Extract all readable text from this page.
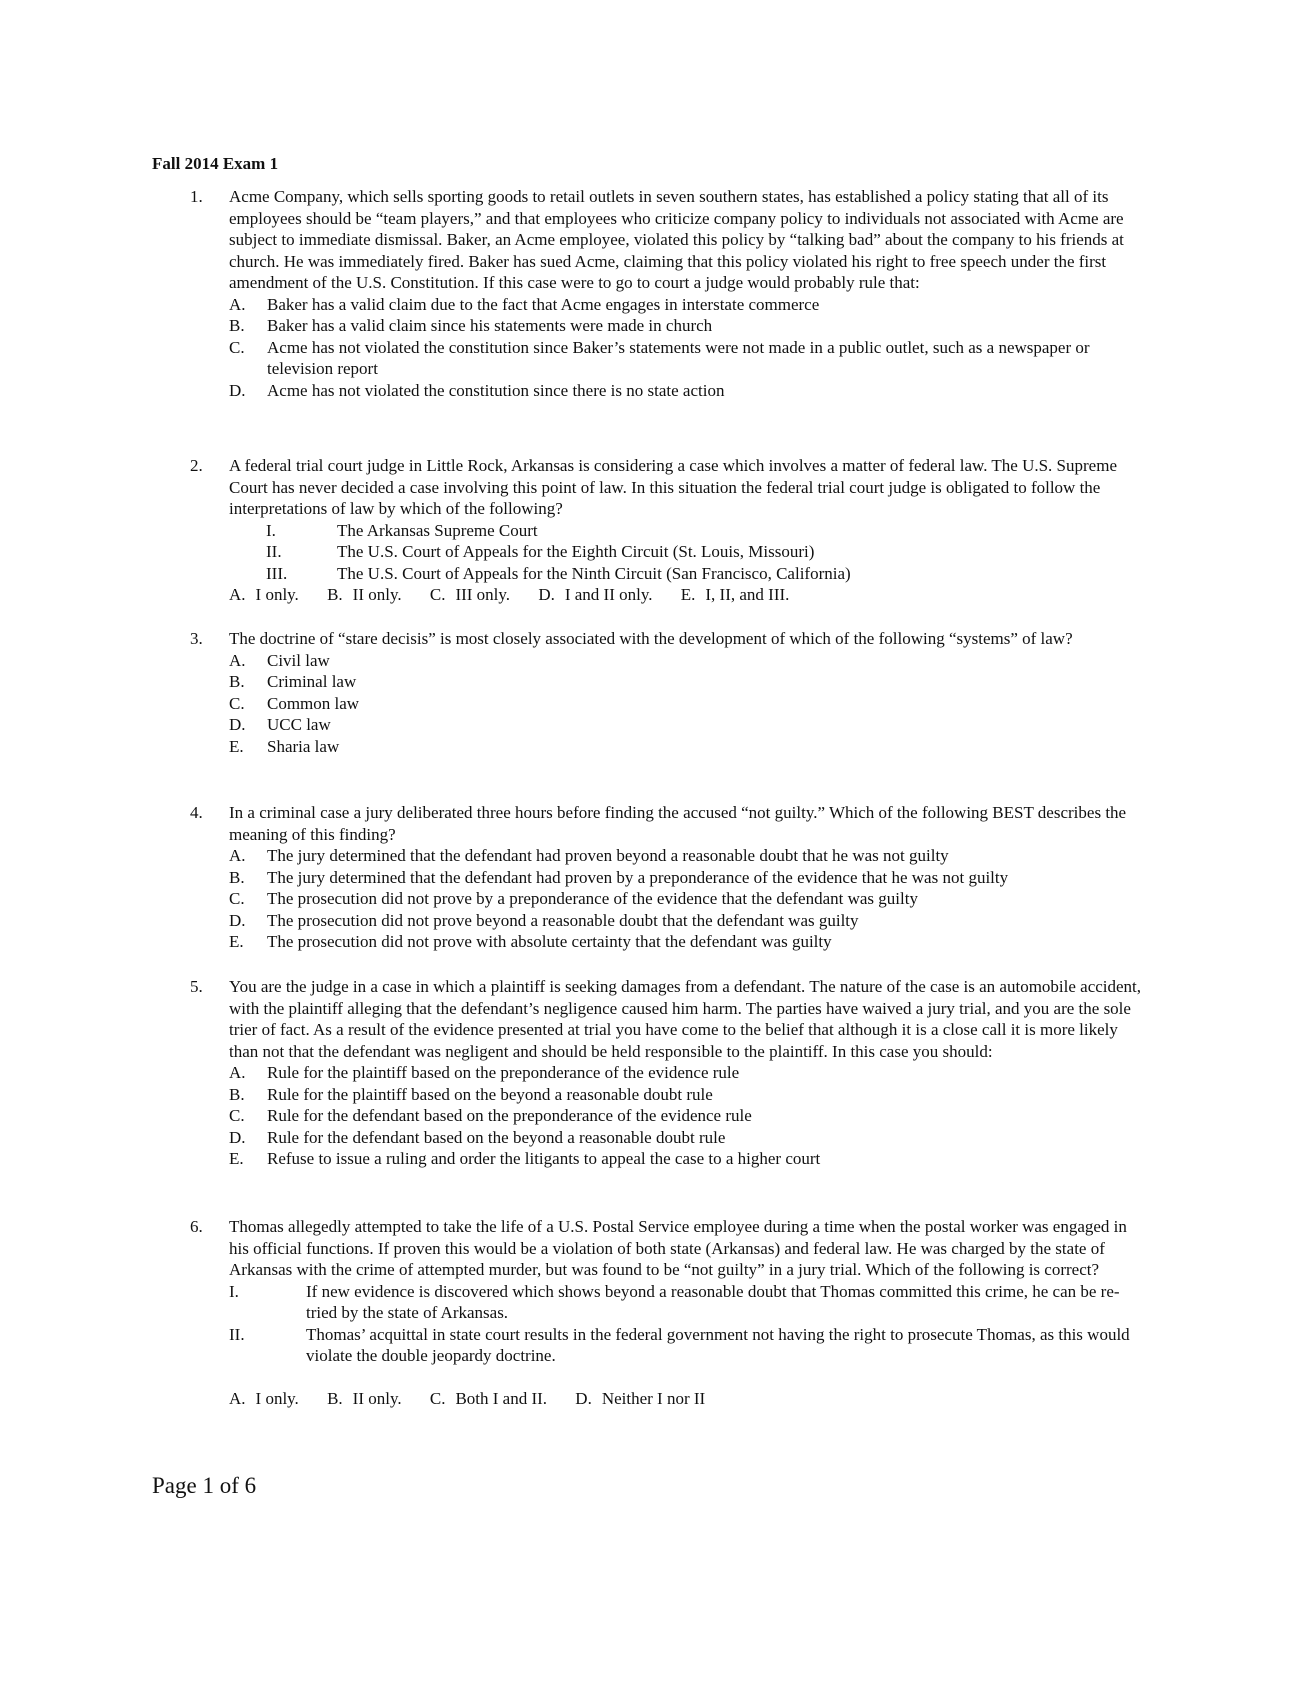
Fall 2014 Exam 1
1.	Acme Company, which sells sporting goods to retail outlets in seven southern states, has established a policy stating that all of its employees should be “team players,” and that employees who criticize company policy to individuals not associated with Acme are subject to immediate dismissal. Baker, an Acme employee, violated this policy by “talking bad” about the company to his friends at church. He was immediately fired. Baker has sued Acme, claiming that this policy violated his right to free speech under the first amendment of the U.S. Constitution. If this case were to go to court a judge would probably rule that:
A. Baker has a valid claim due to the fact that Acme engages in interstate commerce
B. Baker has a valid claim since his statements were made in church
C. Acme has not violated the constitution since Baker’s statements were not made in a public outlet, such as a newspaper or television report
D. Acme has not violated the constitution since there is no state action
2.	A federal trial court judge in Little Rock, Arkansas is considering a case which involves a matter of federal law. The U.S. Supreme Court has never decided a case involving this point of law. In this situation the federal trial court judge is obligated to follow the interpretations of law by which of the following?
I.	The Arkansas Supreme Court
II.	The U.S. Court of Appeals for the Eighth Circuit (St. Louis, Missouri)
III.	The U.S. Court of Appeals for the Ninth Circuit (San Francisco, California)
A. I only. B. II only. C. III only. D. I and II only. E. I, II, and III.
3.	The doctrine of “stare decisis” is most closely associated with the development of which of the following “systems” of law?
A. Civil law
B. Criminal law
C. Common law
D. UCC law
E. Sharia law
4.	In a criminal case a jury deliberated three hours before finding the accused “not guilty.” Which of the following BEST describes the meaning of this finding?
A. The jury determined that the defendant had proven beyond a reasonable doubt that he was not guilty
B. The jury determined that the defendant had proven by a preponderance of the evidence that he was not guilty
C. The prosecution did not prove by a preponderance of the evidence that the defendant was guilty
D. The prosecution did not prove beyond a reasonable doubt that the defendant was guilty
E. The prosecution did not prove with absolute certainty that the defendant was guilty
5.	You are the judge in a case in which a plaintiff is seeking damages from a defendant. The nature of the case is an automobile accident, with the plaintiff alleging that the defendant’s negligence caused him harm. The parties have waived a jury trial, and you are the sole trier of fact. As a result of the evidence presented at trial you have come to the belief that although it is a close call it is more likely than not that the defendant was negligent and should be held responsible to the plaintiff. In this case you should:
A. Rule for the plaintiff based on the preponderance of the evidence rule
B. Rule for the plaintiff based on the beyond a reasonable doubt rule
C. Rule for the defendant based on the preponderance of the evidence rule
D. Rule for the defendant based on the beyond a reasonable doubt rule
E. Refuse to issue a ruling and order the litigants to appeal the case to a higher court
6.	Thomas allegedly attempted to take the life of a U.S. Postal Service employee during a time when the postal worker was engaged in his official functions. If proven this would be a violation of both state (Arkansas) and federal law. He was charged by the state of Arkansas with the crime of attempted murder, but was found to be “not guilty” in a jury trial. Which of the following is correct?
I.	If new evidence is discovered which shows beyond a reasonable doubt that Thomas committed this crime, he can be re-tried by the state of Arkansas.
II.	Thomas’ acquittal in state court results in the federal government not having the right to prosecute Thomas, as this would violate the double jeopardy doctrine.
A. I only. B. II only. C. Both I and II. D. Neither I nor II
Page 1 of 6
